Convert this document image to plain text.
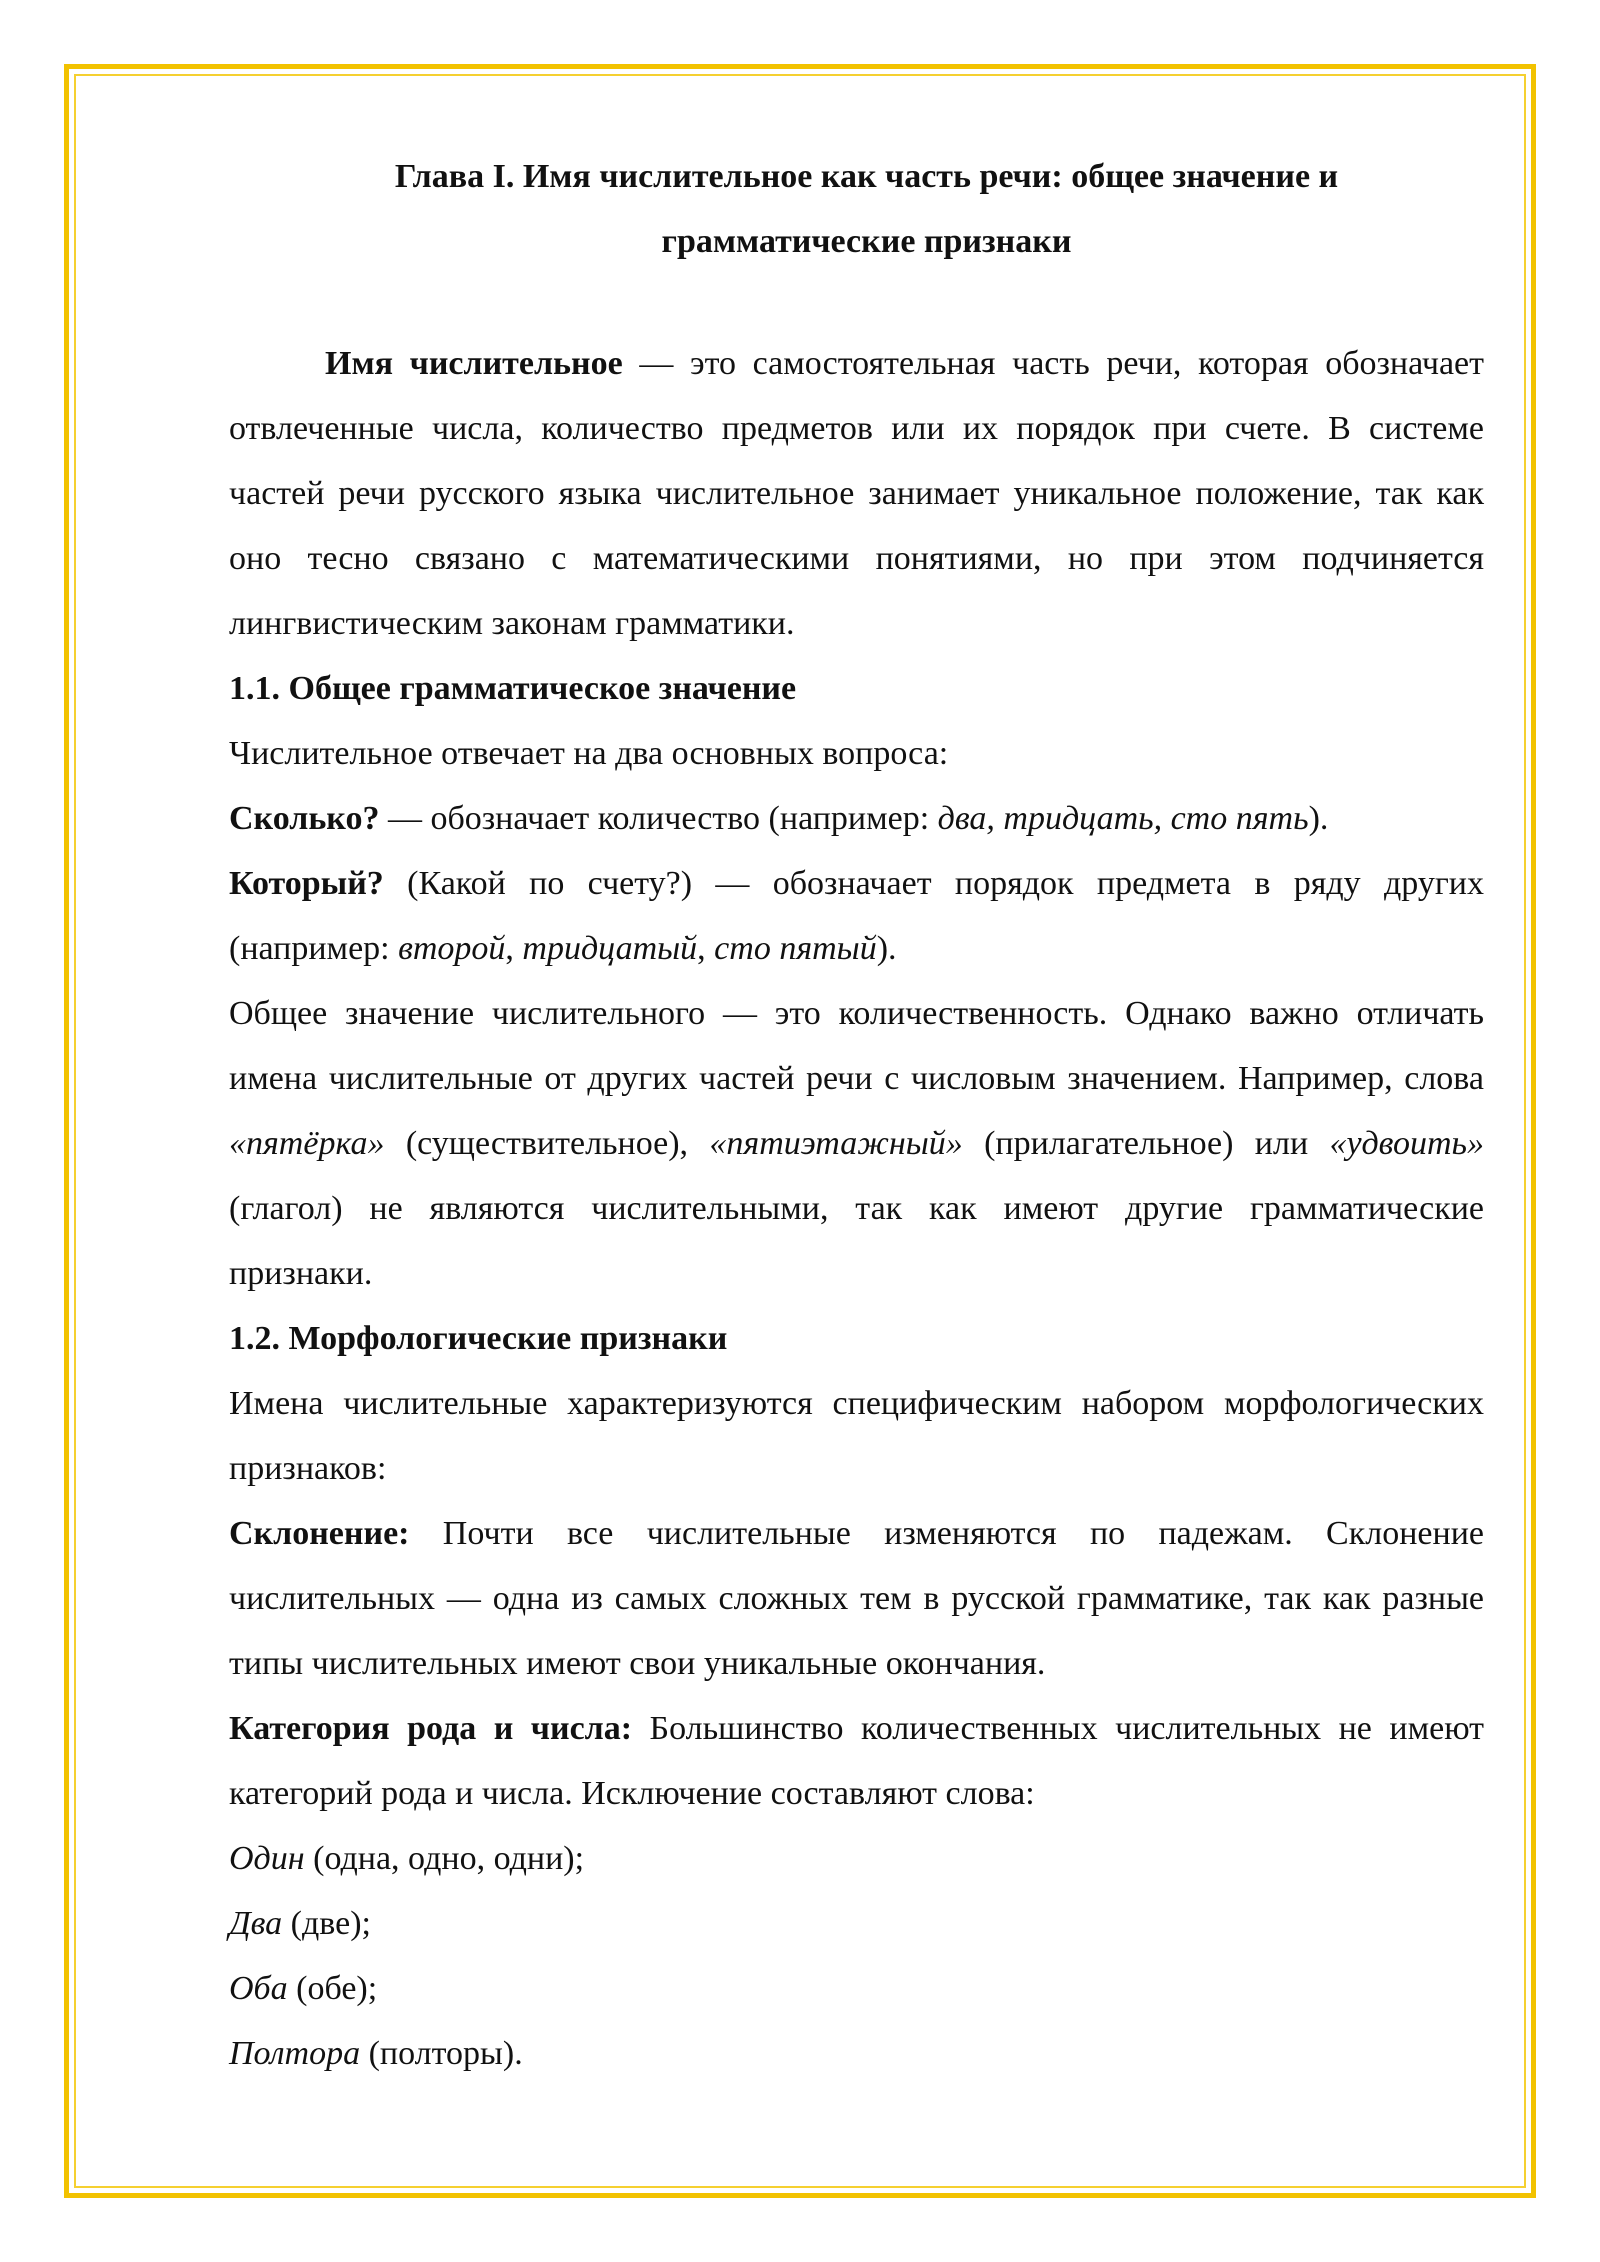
Глава I. Имя числительное как часть речи: общее значение и
грамматические признаки

Имя числительное — это самостоятельная часть речи, которая обозначает отвлеченные числа, количество предметов или их порядок при счете. В системе частей речи русского языка числительное занимает уникальное положение, так как оно тесно связано с математическими понятиями, но при этом подчиняется лингвистическим законам грамматики.

1.1. Общее грамматическое значение

Числительное отвечает на два основных вопроса:

Сколько? — обозначает количество (например: два, тридцать, сто пять).

Который? (Какой по счету?) — обозначает порядок предмета в ряду других (например: второй, тридцатый, сто пятый).

Общее значение числительного — это количественность. Однако важно отличать имена числительные от других частей речи с числовым значением. Например, слова «пятёрка» (существительное), «пятиэтажный» (прилагательное) или «удвоить» (глагол) не являются числительными, так как имеют другие грамматические признаки.

1.2. Морфологические признаки

Имена числительные характеризуются специфическим набором морфологических признаков:

Склонение: Почти все числительные изменяются по падежам. Склонение числительных — одна из самых сложных тем в русской грамматике, так как разные типы числительных имеют свои уникальные окончания.

Категория рода и числа: Большинство количественных числительных не имеют категорий рода и числа. Исключение составляют слова:

Один (одна, одно, одни);

Два (две);

Оба (обе);

Полтора (полторы).
